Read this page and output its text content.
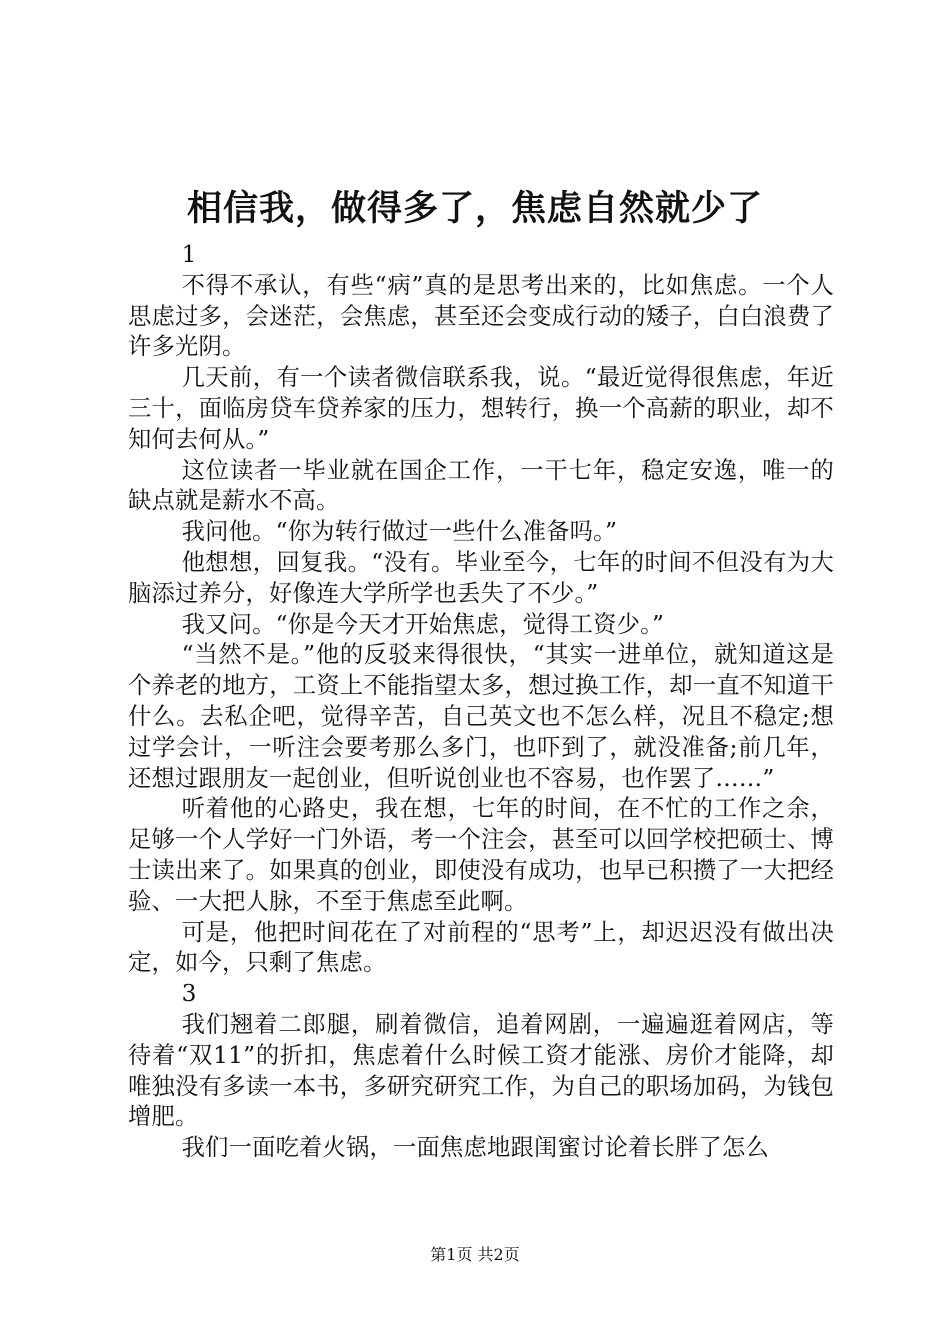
相信我，做得多了，焦虑自然就少了

1

不得不承认，有些“病”真的是思考出来的，比如焦虑。一个人思虑过多，会迷茫，会焦虑，甚至还会变成行动的矮子，白白浪费了许多光阴。

几天前，有一个读者微信联系我，说。“最近觉得很焦虑，年近三十，面临房贷车贷养家的压力，想转行，换一个高薪的职业，却不知何去何从。”

这位读者一毕业就在国企工作，一干七年，稳定安逸，唯一的缺点就是薪水不高。

我问他。“你为转行做过一些什么准备吗。”

他想想，回复我。“没有。毕业至今，七年的时间不但没有为大脑添过养分，好像连大学所学也丢失了不少。”

我又问。“你是今天才开始焦虑，觉得工资少。”

“当然不是。”他的反驳来得很快，“其实一进单位，就知道这是个养老的地方，工资上不能指望太多，想过换工作，却一直不知道干什么。去私企吧，觉得辛苦，自己英文也不怎么样，况且不稳定;想过学会计，一听注会要考那么多门，也吓到了，就没准备;前几年，还想过跟朋友一起创业，但听说创业也不容易，也作罢了……”

听着他的心路史，我在想，七年的时间，在不忙的工作之余，足够一个人学好一门外语，考一个注会，甚至可以回学校把硕士、博士读出来了。如果真的创业，即使没有成功，也早已积攒了一大把经验、一大把人脉，不至于焦虑至此啊。

可是，他把时间花在了对前程的“思考”上，却迟迟没有做出决定，如今，只剩了焦虑。

3

我们翘着二郎腿，刷着微信，追着网剧，一遍遍逛着网店，等待着“双11”的折扣，焦虑着什么时候工资才能涨、房价才能降，却唯独没有多读一本书，多研究研究工作，为自己的职场加码，为钱包增肥。

我们一面吃着火锅，一面焦虑地跟闺蜜讨论着长胖了怎么

第1页 共2页
